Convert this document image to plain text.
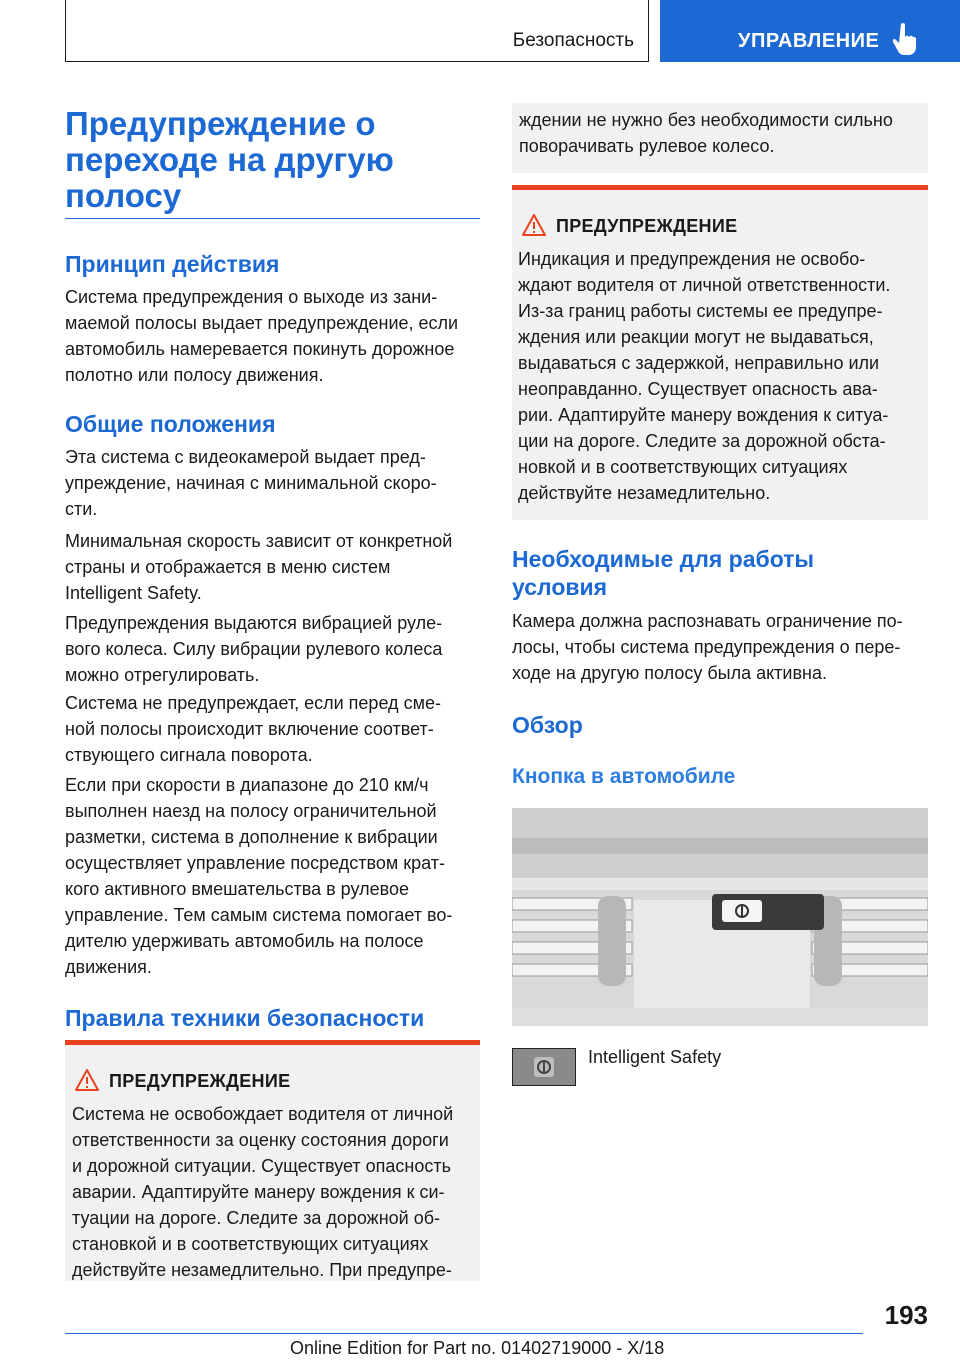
Безопасность	УПРАВЛЕНИЕ
Предупреждение о
переходе на другую
полосу
Принцип действия
Система предупреждения о выходе из зани-
маемой полосы выдает предупреждение, если
автомобиль намеревается покинуть дорожное
полотно или полосу движения.
Общие положения
Эта система с видеокамерой выдает пред-
упреждение, начиная с минимальной скоро-
сти.
Минимальная скорость зависит от конкретной
страны и отображается в меню систем
Intelligent Safety.
Предупреждения выдаются вибрацией руле-
вого колеса. Силу вибрации рулевого колеса
можно отрегулировать.
Система не предупреждает, если перед сме-
ной полосы происходит включение соответ-
ствующего сигнала поворота.
Если при скорости в диапазоне до 210 км/ч
выполнен наезд на полосу ограничительной
разметки, система в дополнение к вибрации
осуществляет управление посредством крат-
кого активного вмешательства в рулевое
управление. Тем самым система помогает во-
дителю удерживать автомобиль на полосе
движения.
Правила техники безопасности
ПРЕДУПРЕЖДЕНИЕ
Система не освобождает водителя от личной
ответственности за оценку состояния дороги
и дорожной ситуации. Существует опасность
аварии. Адаптируйте манеру вождения к си-
туации на дороге. Следите за дорожной об-
становкой и в соответствующих ситуациях
действуйте незамедлительно. При предупре-
ждении не нужно без необходимости сильно
поворачивать рулевое колесо.
ПРЕДУПРЕЖДЕНИЕ
Индикация и предупреждения не освобо-
ждают водителя от личной ответственности.
Из-за границ работы системы ее предупре-
ждения или реакции могут не выдаваться,
выдаваться с задержкой, неправильно или
неоправданно. Существует опасность ава-
рии. Адаптируйте манеру вождения к ситуа-
ции на дороге. Следите за дорожной обста-
новкой и в соответствующих ситуациях
действуйте незамедлительно.
Необходимые для работы
условия
Камера должна распознавать ограничение по-
лосы, чтобы система предупреждения о пере-
ходе на другую полосу была активна.
Обзор
Кнопка в автомобиле
Intelligent Safety
193
Online Edition for Part no. 01402719000 - X/18
